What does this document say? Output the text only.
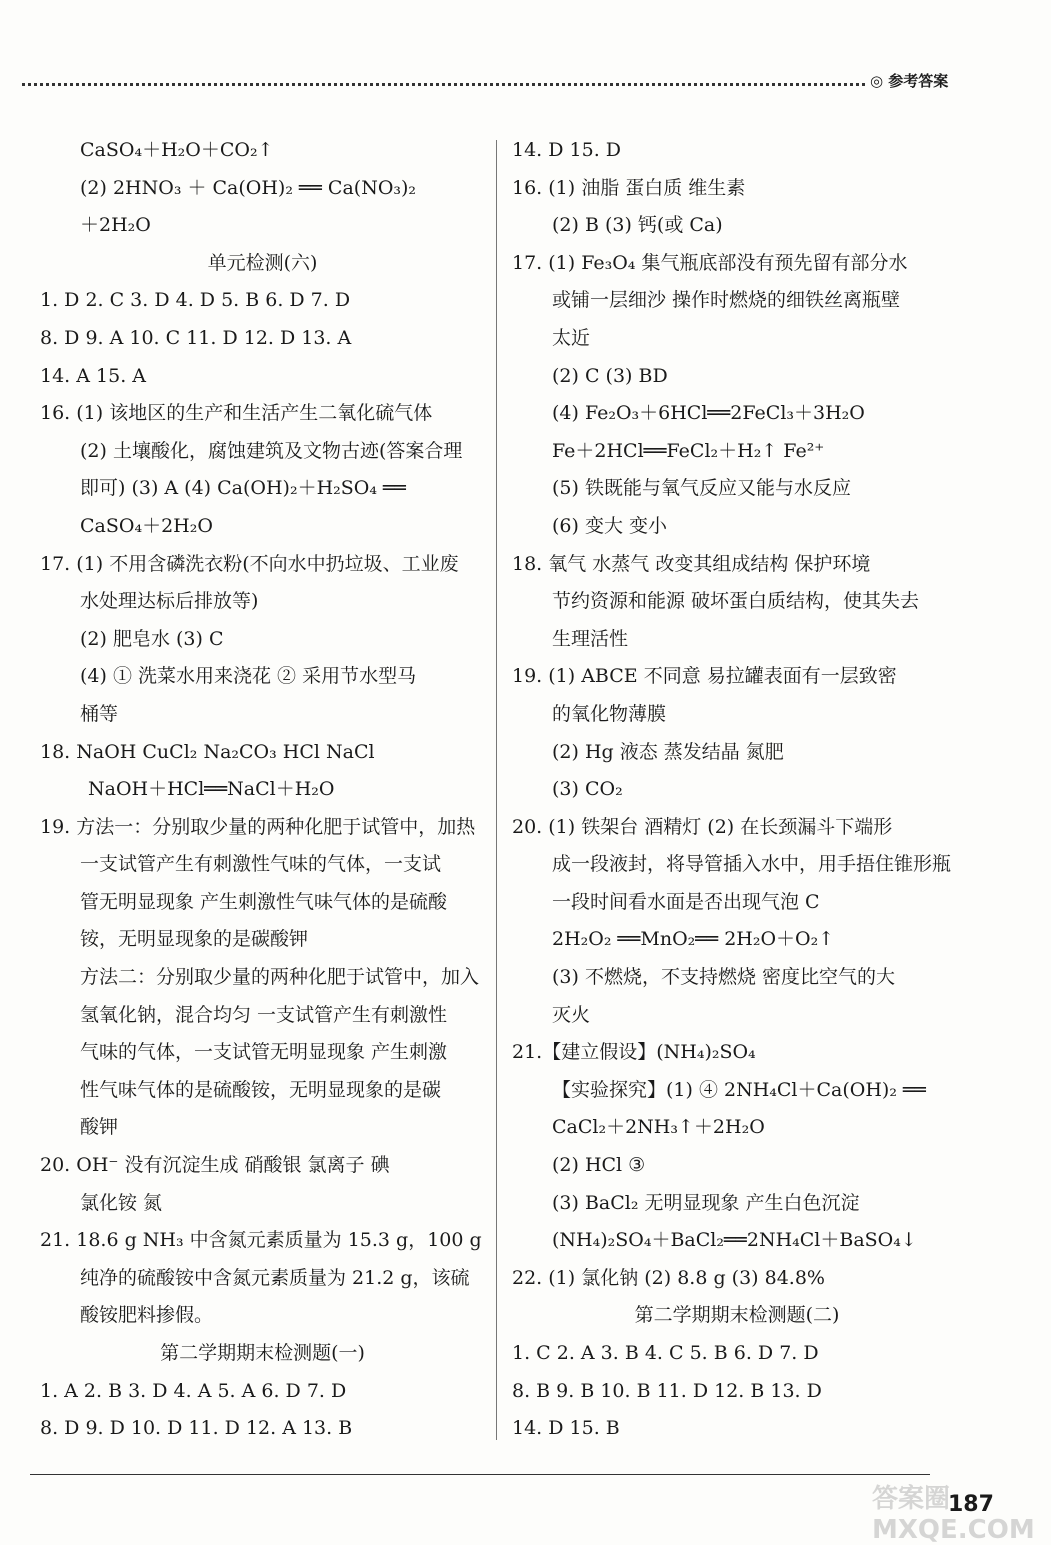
◎ 参考答案
CaSO₄＋H₂O＋CO₂↑
(2) 2HNO₃ ＋ Ca(OH)₂ ══ Ca(NO₃)₂
＋2H₂O
单元检测(六)
1. D 2. C 3. D 4. D 5. B 6. D 7. D
8. D 9. A 10. C 11. D 12. D 13. A
14. A 15. A
16. (1) 该地区的生产和生活产生二氧化硫气体
(2) 土壤酸化，腐蚀建筑及文物古迹(答案合理
即可) (3) A (4) Ca(OH)₂＋H₂SO₄ ══
CaSO₄＋2H₂O
17. (1) 不用含磷洗衣粉(不向水中扔垃圾、工业废
水处理达标后排放等)
(2) 肥皂水 (3) C
(4) ① 洗菜水用来浇花 ② 采用节水型马
桶等
18. NaOH CuCl₂ Na₂CO₃ HCl NaCl
NaOH＋HCl══NaCl＋H₂O
19. 方法一：分别取少量的两种化肥于试管中，加热
一支试管产生有刺激性气味的气体，一支试
管无明显现象 产生刺激性气味气体的是硫酸
铵，无明显现象的是碳酸钾
方法二：分别取少量的两种化肥于试管中，加入
氢氧化钠，混合均匀 一支试管产生有刺激性
气味的气体，一支试管无明显现象 产生刺激
性气味气体的是硫酸铵，无明显现象的是碳
酸钾
20. OH⁻ 没有沉淀生成 硝酸银 氯离子 碘
氯化铵 氮
21. 18.6 g NH₃ 中含氮元素质量为 15.3 g，100 g
纯净的硫酸铵中含氮元素质量为 21.2 g，该硫
酸铵肥料掺假。
第二学期期末检测题(一)
1. A 2. B 3. D 4. A 5. A 6. D 7. D
8. D 9. D 10. D 11. D 12. A 13. B
14. D 15. D
16. (1) 油脂 蛋白质 维生素
(2) B (3) 钙(或 Ca)
17. (1) Fe₃O₄ 集气瓶底部没有预先留有部分水
或铺一层细沙 操作时燃烧的细铁丝离瓶壁
太近
(2) C (3) BD
(4) Fe₂O₃＋6HCl══2FeCl₃＋3H₂O
Fe＋2HCl══FeCl₂＋H₂↑ Fe²⁺
(5) 铁既能与氧气反应又能与水反应
(6) 变大 变小
18. 氧气 水蒸气 改变其组成结构 保护环境
节约资源和能源 破坏蛋白质结构，使其失去
生理活性
19. (1) ABCE 不同意 易拉罐表面有一层致密
的氧化物薄膜
(2) Hg 液态 蒸发结晶 氮肥
(3) CO₂
20. (1) 铁架台 酒精灯 (2) 在长颈漏斗下端形
成一段液封，将导管插入水中，用手捂住锥形瓶
一段时间看水面是否出现气泡 C
2H₂O₂ ══MnO₂══ 2H₂O＋O₂↑
(3) 不燃烧，不支持燃烧 密度比空气的大
灭火
21.【建立假设】(NH₄)₂SO₄
【实验探究】(1) ④ 2NH₄Cl＋Ca(OH)₂ ══
CaCl₂＋2NH₃↑＋2H₂O
(2) HCl ③
(3) BaCl₂ 无明显现象 产生白色沉淀
(NH₄)₂SO₄＋BaCl₂══2NH₄Cl＋BaSO₄↓
22. (1) 氯化钠 (2) 8.8 g (3) 84.8%
第二学期期末检测题(二)
1. C 2. A 3. B 4. C 5. B 6. D 7. D
8. B 9. B 10. B 11. D 12. B 13. D
14. D 15. B
187
答案圈 MXQE.COM
